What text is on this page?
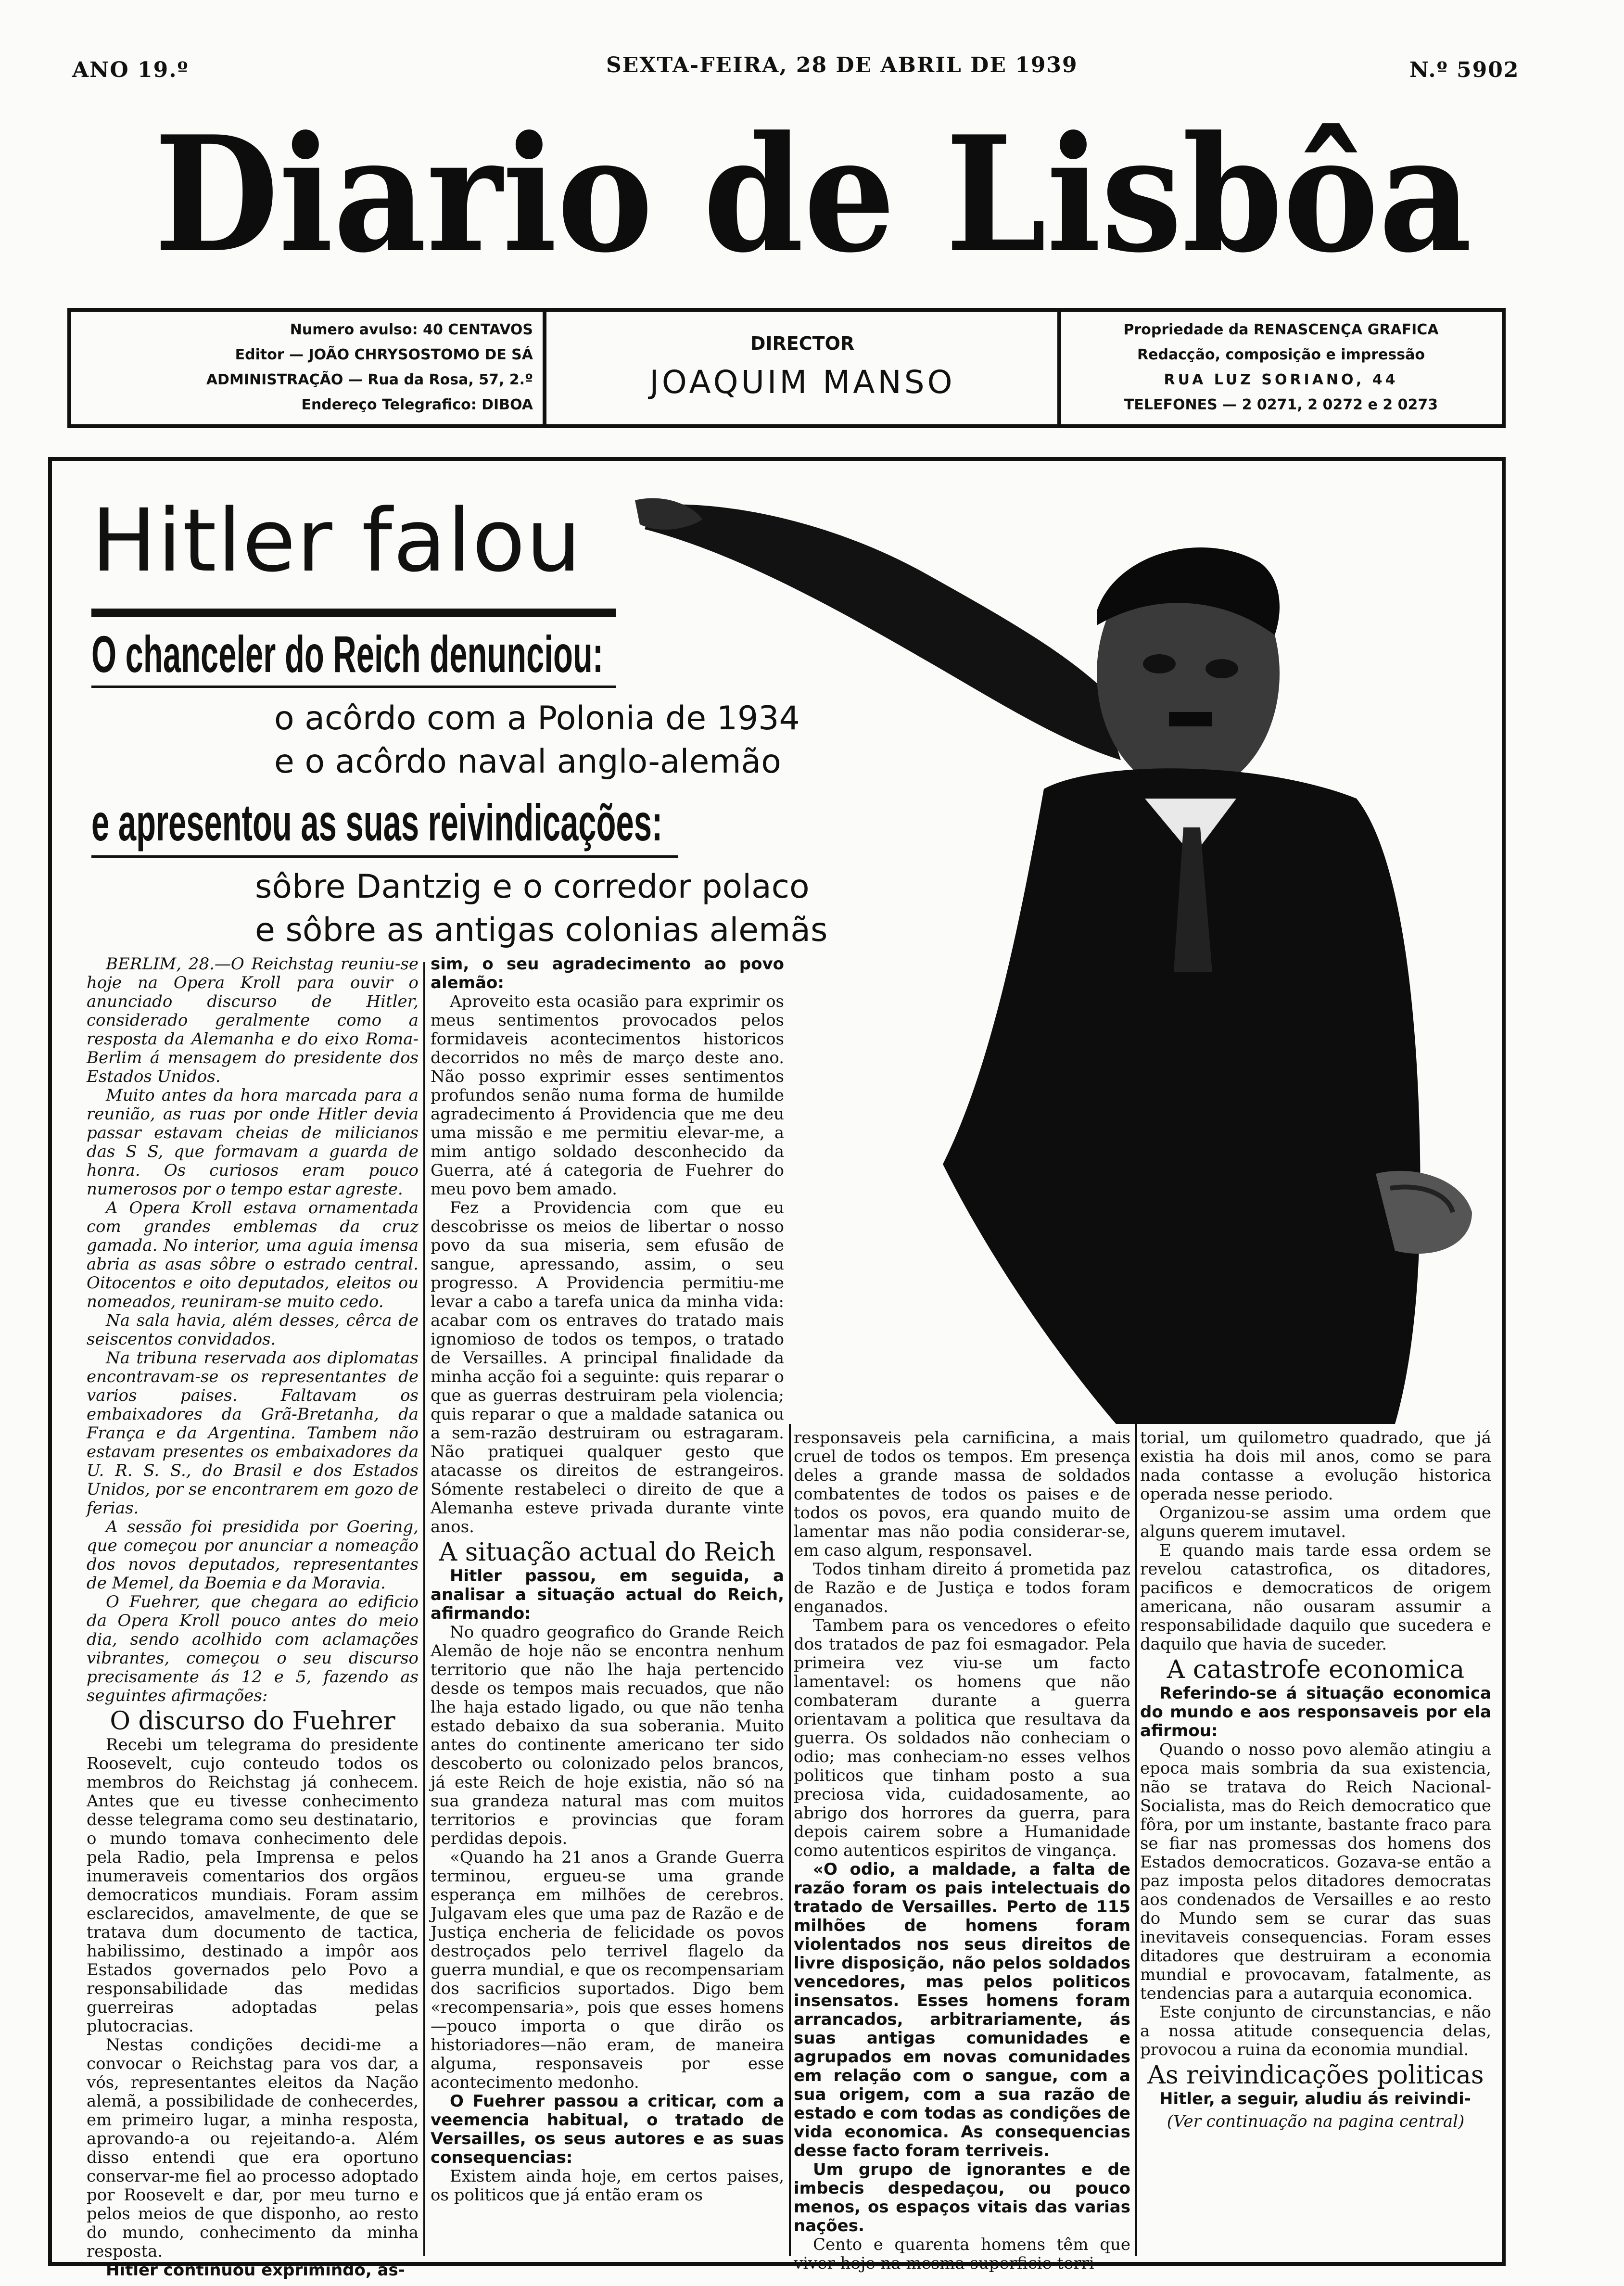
ANO 19.º	SEXTA-FEIRA, 28 DE ABRIL DE 1939	N.º 5902
Diario de Lisbôa
Numero avulso: 40 CENTAVOS
Editor — JOÃO CHRYSOSTOMO DE SÁ
ADMINISTRAÇÃO — Rua da Rosa, 57, 2.º
Endereço Telegrafico: DIBOA
DIRECTOR
JOAQUIM MANSO
Propriedade da RENASCENÇA GRAFICA
Redacção, composição e impressão
RUA LUZ SORIANO, 44
TELEFONES — 2 0271, 2 0272 e 2 0273
Hitler falou
O chanceler do Reich denunciou:
o acôrdo com a Polonia de 1934
e o acôrdo naval anglo-alemão
e apresentou as suas reivindicações:
sôbre Dantzig e o corredor polaco
e sôbre as antigas colonias alemãs

BERLIM, 28.—O Reichstag reuniu-se hoje na Opera Kroll para ouvir o anunciado discurso de Hitler, considerado geralmente como a resposta da Alemanha e do eixo Roma-Berlim á mensagem do presidente dos Estados Unidos.

Muito antes da hora marcada para a reunião, as ruas por onde Hitler devia passar estavam cheias de milicianos das S S, que formavam a guarda de honra. Os curiosos eram pouco numerosos por o tempo estar agreste.

A Opera Kroll estava ornamentada com grandes emblemas da cruz gamada. No interior, uma aguia imensa abria as asas sôbre o estrado central. Oitocentos e oito deputados, eleitos ou nomeados, reuniram-se muito cedo.

Na sala havia, além desses, cêrca de seiscentos convidados.

Na tribuna reservada aos diplomatas encontravam-se os representantes de varios paises. Faltavam os embaixadores da Grã-Bretanha, da França e da Argentina. Tambem não estavam presentes os embaixadores da U. R. S. S., do Brasil e dos Estados Unidos, por se encontrarem em gozo de ferias.

A sessão foi presidida por Goering, que começou por anunciar a nomeação dos novos deputados, representantes de Memel, da Boemia e da Moravia.

O Fuehrer, que chegara ao edificio da Opera Kroll pouco antes do meio dia, sendo acolhido com aclamações vibrantes, começou o seu discurso precisamente ás 12 e 5, fazendo as seguintes afirmações:

O discurso do Fuehrer

Recebi um telegrama do presidente Roosevelt, cujo conteudo todos os membros do Reichstag já conhecem. Antes que eu tivesse conhecimento desse telegrama como seu destinatario, o mundo tomava conhecimento dele pela Radio, pela Imprensa e pelos inumeraveis comentarios dos orgãos democraticos mundiais. Foram assim esclarecidos, amavelmente, de que se tratava dum documento de tactica, habilissimo, destinado a impôr aos Estados governados pelo Povo a responsabilidade das medidas guerreiras adoptadas pelas plutocracias.

Nestas condições decidi-me a convocar o Reichstag para vos dar, a vós, representantes eleitos da Nação alemã, a possibilidade de conhecerdes, em primeiro lugar, a minha resposta, aprovando-a ou rejeitando-a. Além disso entendi que era oportuno conservar-me fiel ao processo adoptado por Roosevelt e dar, por meu turno e pelos meios de que disponho, ao resto do mundo, conhecimento da minha resposta.

Hitler continuou exprimindo, as-

sim, o seu agradecimento ao povo alemão:

Aproveito esta ocasião para exprimir os meus sentimentos provocados pelos formidaveis acontecimentos historicos decorridos no mês de março deste ano. Não posso exprimir esses sentimentos profundos senão numa forma de humilde agradecimento á Providencia que me deu uma missão e me permitiu elevar-me, a mim antigo soldado desconhecido da Guerra, até á categoria de Fuehrer do meu povo bem amado.

Fez a Providencia com que eu descobrisse os meios de libertar o nosso povo da sua miseria, sem efusão de sangue, apressando, assim, o seu progresso. A Providencia permitiu-me levar a cabo a tarefa unica da minha vida: acabar com os entraves do tratado mais ignomioso de todos os tempos, o tratado de Versailles. A principal finalidade da minha acção foi a seguinte: quis reparar o que as guerras destruiram pela violencia; quis reparar o que a maldade satanica ou a sem-razão destruiram ou estragaram. Não pratiquei qualquer gesto que atacasse os direitos de estrangeiros. Sómente restabeleci o direito de que a Alemanha esteve privada durante vinte anos.

A situação actual do Reich

Hitler passou, em seguida, a analisar a situação actual do Reich, afirmando:

No quadro geografico do Grande Reich Alemão de hoje não se encontra nenhum territorio que não lhe haja pertencido desde os tempos mais recuados, que não lhe haja estado ligado, ou que não tenha estado debaixo da sua soberania. Muito antes do continente americano ter sido descoberto ou colonizado pelos brancos, já este Reich de hoje existia, não só na sua grandeza natural mas com muitos territorios e provincias que foram perdidas depois.

«Quando ha 21 anos a Grande Guerra terminou, ergueu-se uma grande esperança em milhões de cerebros. Julgavam eles que uma paz de Razão e de Justiça encheria de felicidade os povos destroçados pelo terrivel flagelo da guerra mundial, e que os recompensariam dos sacrificios suportados. Digo bem «recompensaria», pois que esses homens—pouco importa o que dirão os historiadores—não eram, de maneira alguma, responsaveis por esse acontecimento medonho.

O Fuehrer passou a criticar, com a veemencia habitual, o tratado de Versailles, os seus autores e as suas consequencias:

Existem ainda hoje, em certos paises, os politicos que já então eram os

responsaveis pela carnificina, a mais cruel de todos os tempos. Em presença deles a grande massa de soldados combatentes de todos os paises e de todos os povos, era quando muito de lamentar mas não podia considerar-se, em caso algum, responsavel.

Todos tinham direito á prometida paz de Razão e de Justiça e todos foram enganados.

Tambem para os vencedores o efeito dos tratados de paz foi esmagador. Pela primeira vez viu-se um facto lamentavel: os homens que não combateram durante a guerra orientavam a politica que resultava da guerra. Os soldados não conheciam o odio; mas conheciam-no esses velhos politicos que tinham posto a sua preciosa vida, cuidadosamente, ao abrigo dos horrores da guerra, para depois cairem sobre a Humanidade como autenticos espiritos de vingança.

«O odio, a maldade, a falta de razão foram os pais intelectuais do tratado de Versailles. Perto de 115 milhões de homens foram violentados nos seus direitos de livre disposição, não pelos soldados vencedores, mas pelos politicos insensatos. Esses homens foram arrancados, arbitrariamente, ás suas antigas comunidades e agrupados em novas comunidades em relação com o sangue, com a sua origem, com a sua razão de estado e com todas as condições de vida economica. As consequencias desse facto foram terriveis.

Um grupo de ignorantes e de imbecis despedaçou, ou pouco menos, os espaços vitais das varias nações.

Cento e quarenta homens têm que viver hoje na mesma superficie terri-

torial, um quilometro quadrado, que já existia ha dois mil anos, como se para nada contasse a evolução historica operada nesse periodo.

Organizou-se assim uma ordem que alguns querem imutavel.

E quando mais tarde essa ordem se revelou catastrofica, os ditadores, pacificos e democraticos de origem americana, não ousaram assumir a responsabilidade daquilo que sucedera e daquilo que havia de suceder.

A catastrofe economica

Referindo-se á situação economica do mundo e aos responsaveis por ela afirmou:

Quando o nosso povo alemão atingiu a epoca mais sombria da sua existencia, não se tratava do Reich Nacional-Socialista, mas do Reich democratico que fôra, por um instante, bastante fraco para se fiar nas promessas dos homens dos Estados democraticos. Gozava-se então a paz imposta pelos ditadores democratas aos condenados de Versailles e ao resto do Mundo sem se curar das suas inevitaveis consequencias. Foram esses ditadores que destruiram a economia mundial e provocavam, fatalmente, as tendencias para a autarquia economica.

Este conjunto de circunstancias, e não a nossa atitude consequencia delas, provocou a ruina da economia mundial.

As reivindicações politicas

Hitler, a seguir, aludiu ás reivindi-

(Ver continuação na pagina central)
